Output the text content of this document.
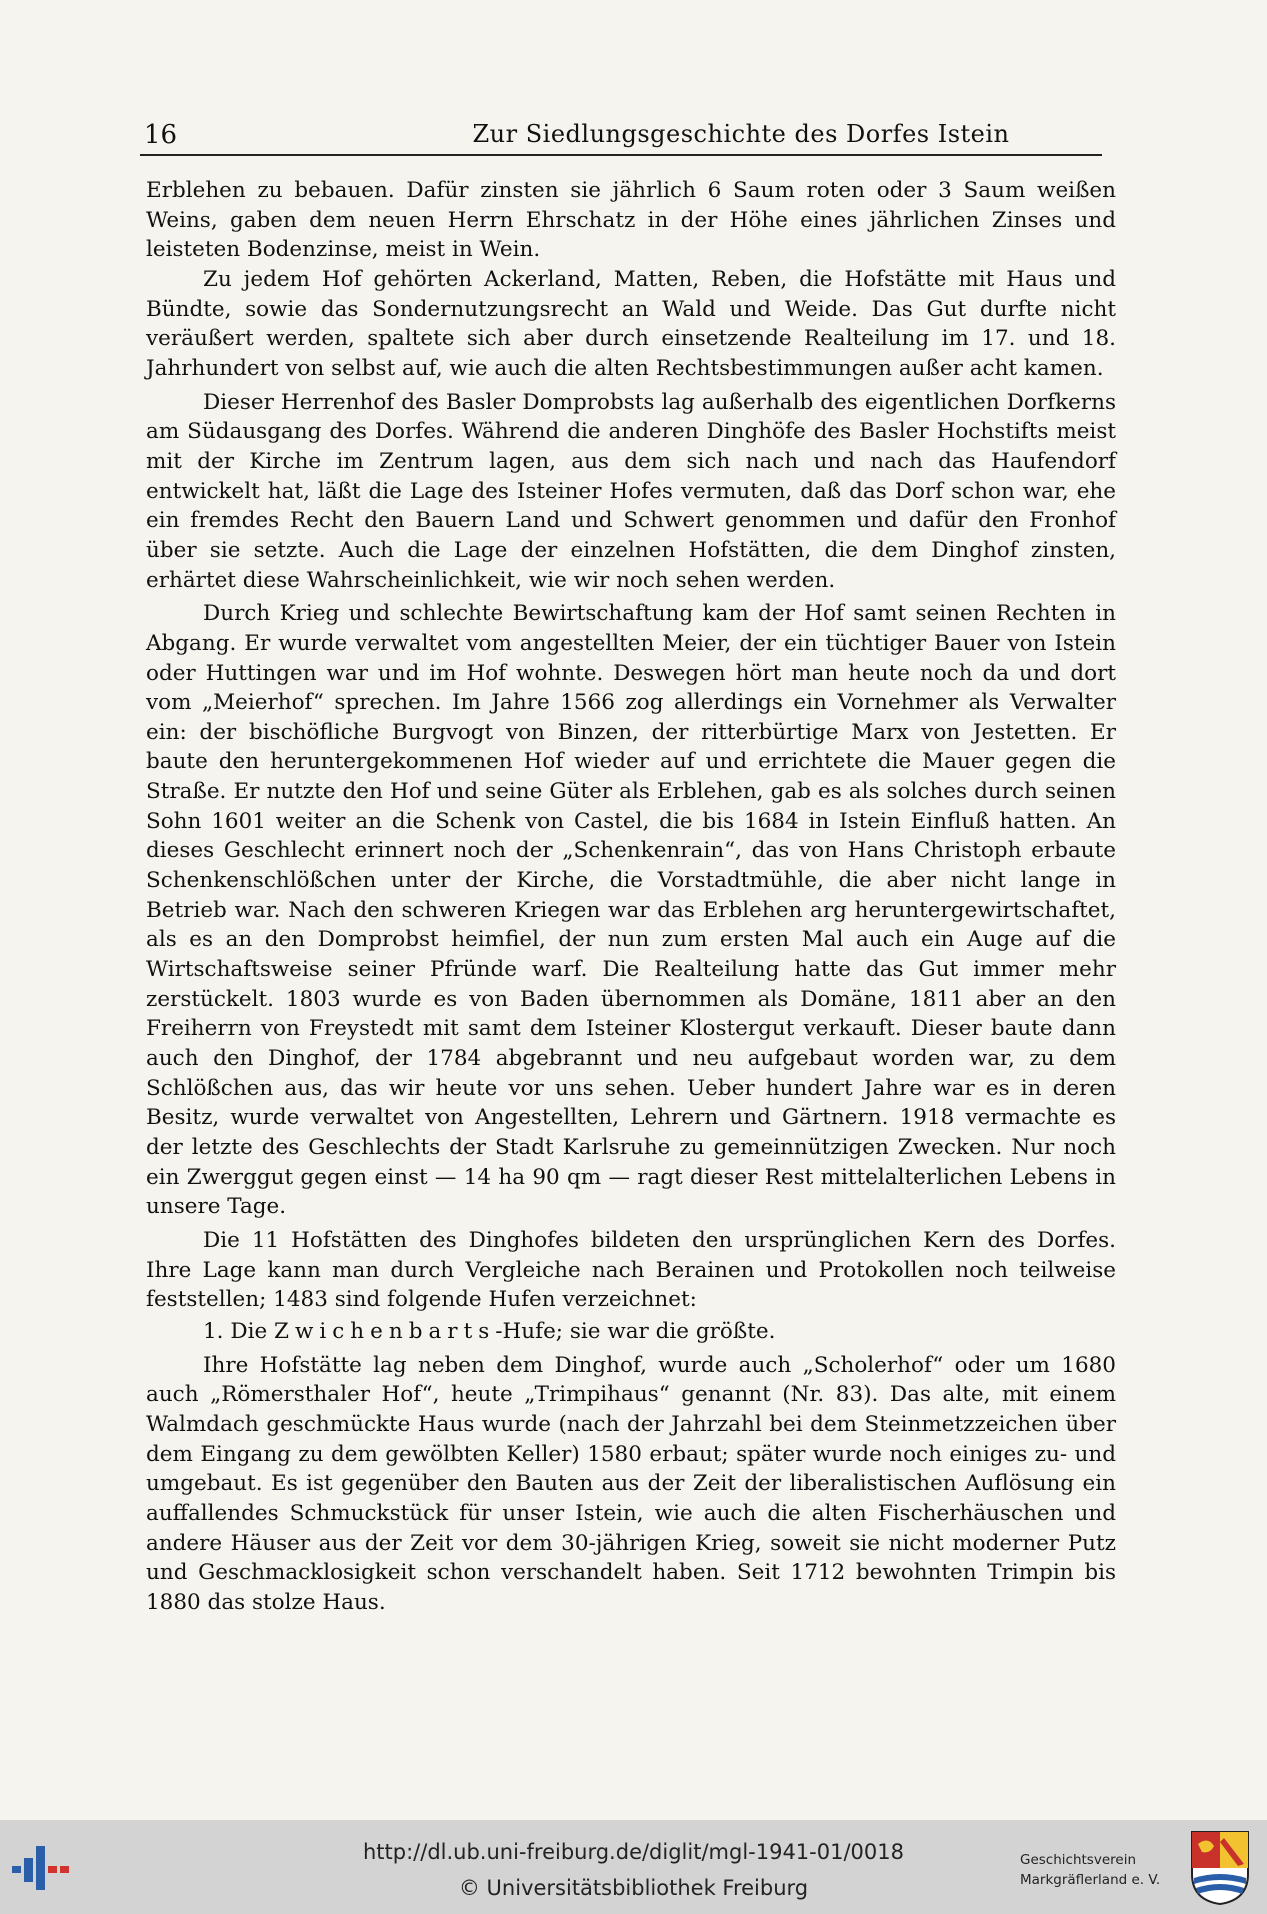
16	Zur Siedlungsgeschichte des Dorfes Istein

Erblehen zu bebauen. Dafür zinsten sie jährlich 6 Saum roten oder 3 Saum weißen Weins, gaben dem neuen Herrn Ehrschatz in der Höhe eines jährlichen Zinses und leisteten Bodenzinse, meist in Wein.

Zu jedem Hof gehörten Ackerland, Matten, Reben, die Hofstätte mit Haus und Bündte, sowie das Sondernutzungsrecht an Wald und Weide. Das Gut durfte nicht veräußert werden, spaltete sich aber durch einsetzende Realteilung im 17. und 18. Jahrhundert von selbst auf, wie auch die alten Rechtsbestimmungen außer acht kamen.

Dieser Herrenhof des Basler Domprobsts lag außerhalb des eigentlichen Dorfkerns am Südausgang des Dorfes. Während die anderen Dinghöfe des Basler Hochstifts meist mit der Kirche im Zentrum lagen, aus dem sich nach und nach das Haufendorf entwickelt hat, läßt die Lage des Isteiner Hofes vermuten, daß das Dorf schon war, ehe ein fremdes Recht den Bauern Land und Schwert genommen und dafür den Fronhof über sie setzte. Auch die Lage der einzelnen Hofstätten, die dem Dinghof zinsten, erhärtet diese Wahrscheinlichkeit, wie wir noch sehen werden.

Durch Krieg und schlechte Bewirtschaftung kam der Hof samt seinen Rechten in Abgang. Er wurde verwaltet vom angestellten Meier, der ein tüchtiger Bauer von Istein oder Huttingen war und im Hof wohnte. Deswegen hört man heute noch da und dort vom „Meierhof“ sprechen. Im Jahre 1566 zog allerdings ein Vornehmer als Verwalter ein: der bischöfliche Burgvogt von Binzen, der ritterbürtige Marx von Jestetten. Er baute den heruntergekommenen Hof wieder auf und errichtete die Mauer gegen die Straße. Er nutzte den Hof und seine Güter als Erblehen, gab es als solches durch seinen Sohn 1601 weiter an die Schenk von Castel, die bis 1684 in Istein Einfluß hatten. An dieses Geschlecht erinnert noch der „Schenkenrain“, das von Hans Christoph erbaute Schenkenschlößchen unter der Kirche, die Vorstadtmühle, die aber nicht lange in Betrieb war. Nach den schweren Kriegen war das Erblehen arg heruntergewirtschaftet, als es an den Domprobst heimfiel, der nun zum ersten Mal auch ein Auge auf die Wirtschaftsweise seiner Pfründe warf. Die Realteilung hatte das Gut immer mehr zerstückelt. 1803 wurde es von Baden übernommen als Domäne, 1811 aber an den Freiherrn von Freystedt mit samt dem Isteiner Klostergut verkauft. Dieser baute dann auch den Dinghof, der 1784 abgebrannt und neu aufgebaut worden war, zu dem Schlößchen aus, das wir heute vor uns sehen. Ueber hundert Jahre war es in deren Besitz, wurde verwaltet von Angestellten, Lehrern und Gärtnern. 1918 vermachte es der letzte des Geschlechts der Stadt Karlsruhe zu gemeinnützigen Zwecken. Nur noch ein Zwerggut gegen einst — 14 ha 90 qm — ragt dieser Rest mittelalterlichen Lebens in unsere Tage.

Die 11 Hofstätten des Dinghofes bildeten den ursprünglichen Kern des Dorfes. Ihre Lage kann man durch Vergleiche nach Berainen und Protokollen noch teilweise feststellen; 1483 sind folgende Hufen verzeichnet:

1. Die Zwichenbarts-Hufe; sie war die größte.

Ihre Hofstätte lag neben dem Dinghof, wurde auch „Scholerhof“ oder um 1680 auch „Römersthaler Hof“, heute „Trimpihaus“ genannt (Nr. 83). Das alte, mit einem Walmdach geschmückte Haus wurde (nach der Jahrzahl bei dem Steinmetzzeichen über dem Eingang zu dem gewölbten Keller) 1580 erbaut; später wurde noch einiges zu- und umgebaut. Es ist gegenüber den Bauten aus der Zeit der liberalistischen Auflösung ein auffallendes Schmuckstück für unser Istein, wie auch die alten Fischerhäuschen und andere Häuser aus der Zeit vor dem 30-jährigen Krieg, soweit sie nicht moderner Putz und Geschmacklosigkeit schon verschandelt haben. Seit 1712 bewohnten Trimpin bis 1880 das stolze Haus.

http://dl.ub.uni-freiburg.de/diglit/mgl-1941-01/0018
© Universitätsbibliothek Freiburg
Geschichtsverein
Markgräflerland e. V.
